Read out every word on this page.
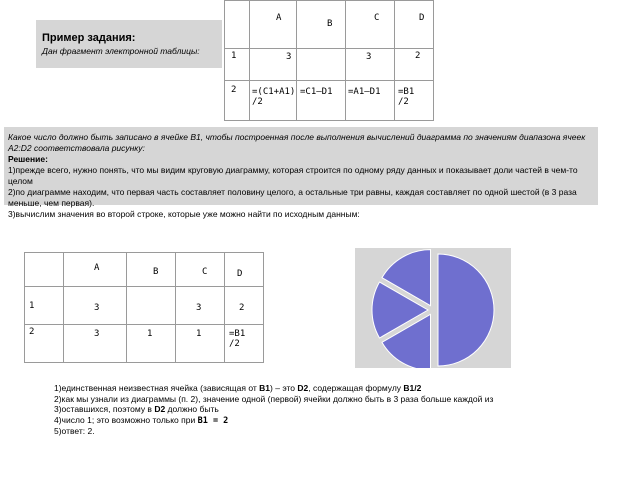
Пример задания:
Дан фрагмент электронной таблицы:

	A	B	C	D

1	3		3	2

2	=(C1+A1)
/2	=C1–D1	=A1–D1	=B1
/2

Какое число должно быть записано в ячейке B1, чтобы построенная после выполнения вычислений диаграмма по значениям диапазона ячеек A2:D2 соответствовала рисунку:

Решение:

1)прежде всего, нужно понять, что мы видим круговую диаграмму, которая строится по одному ряду данных и показывает доли частей в чем-то целом

2)по диаграмме находим, что первая часть составляет половину целого, а остальные три равны, каждая составляет по одной шестой (в 3 раза меньше, чем первая).

3)вычислим значения во второй строке, которые уже можно найти по исходным данным:

	A	B	C	D

1	3		3	2

2	3	1	1	=B1
/2
1)единственная неизвестная ячейка (зависящая от B1) – это D2, содержащая формулу B1/2
2)как мы узнали из диаграммы (п. 2), значение одной (первой) ячейки должно быть в 3 раза больше каждой из
3)оставшихся, поэтому в D2 должно быть
4)число 1; это возможно только при B1 = 2
5)ответ: 2.
